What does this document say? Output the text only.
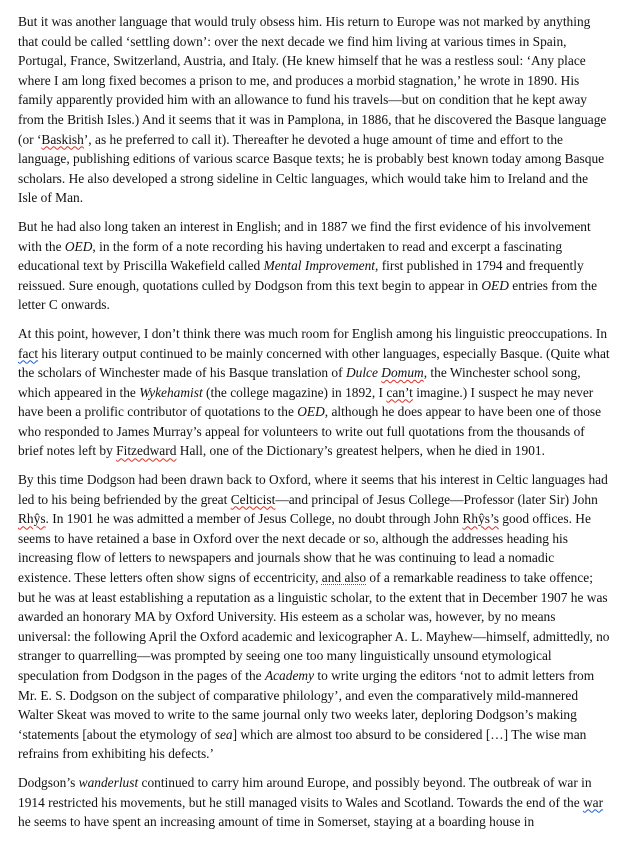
But it was another language that would truly obsess him. His return to Europe was not marked by anything that could be called ‘settling down’: over the next decade we find him living at various times in Spain, Portugal, France, Switzerland, Austria, and Italy. (He knew himself that he was a restless soul: ‘Any place where I am long fixed becomes a prison to me, and produces a morbid stagnation,’ he wrote in 1890. His family apparently provided him with an allowance to fund his travels—but on condition that he kept away from the British Isles.) And it seems that it was in Pamplona, in 1886, that he discovered the Basque language (or ‘Baskish’, as he preferred to call it). Thereafter he devoted a huge amount of time and effort to the language, publishing editions of various scarce Basque texts; he is probably best known today among Basque scholars. He also developed a strong sideline in Celtic languages, which would take him to Ireland and the Isle of Man.

But he had also long taken an interest in English; and in 1887 we find the first evidence of his involvement with the OED, in the form of a note recording his having undertaken to read and excerpt a fascinating educational text by Priscilla Wakefield called Mental Improvement, first published in 1794 and frequently reissued. Sure enough, quotations culled by Dodgson from this text begin to appear in OED entries from the letter C onwards.

At this point, however, I don’t think there was much room for English among his linguistic preoccupations. In fact his literary output continued to be mainly concerned with other languages, especially Basque. (Quite what the scholars of Winchester made of his Basque translation of Dulce Domum, the Winchester school song, which appeared in the Wykehamist (the college magazine) in 1892, I can’t imagine.) I suspect he may never have been a prolific contributor of quotations to the OED, although he does appear to have been one of those who responded to James Murray’s appeal for volunteers to write out full quotations from the thousands of brief notes left by Fitzedward Hall, one of the Dictionary’s greatest helpers, when he died in 1901.

By this time Dodgson had been drawn back to Oxford, where it seems that his interest in Celtic languages had led to his being befriended by the great Celticist—and principal of Jesus College—Professor (later Sir) John Rhŷs. In 1901 he was admitted a member of Jesus College, no doubt through John Rhŷs’s good offices. He seems to have retained a base in Oxford over the next decade or so, although the addresses heading his increasing flow of letters to newspapers and journals show that he was continuing to lead a nomadic existence. These letters often show signs of eccentricity, and also of a remarkable readiness to take offence; but he was at least establishing a reputation as a linguistic scholar, to the extent that in December 1907 he was awarded an honorary MA by Oxford University. His esteem as a scholar was, however, by no means universal: the following April the Oxford academic and lexicographer A. L. Mayhew—himself, admittedly, no stranger to quarrelling—was prompted by seeing one too many linguistically unsound etymological speculation from Dodgson in the pages of the Academy to write urging the editors ‘not to admit letters from Mr. E. S. Dodgson on the subject of comparative philology’, and even the comparatively mild-mannered Walter Skeat was moved to write to the same journal only two weeks later, deploring Dodgson’s making ‘statements [about the etymology of sea] which are almost too absurd to be considered […] The wise man refrains from exhibiting his defects.’

Dodgson’s wanderlust continued to carry him around Europe, and possibly beyond. The outbreak of war in 1914 restricted his movements, but he still managed visits to Wales and Scotland. Towards the end of the war he seems to have spent an increasing amount of time in Somerset, staying at a boarding house in
